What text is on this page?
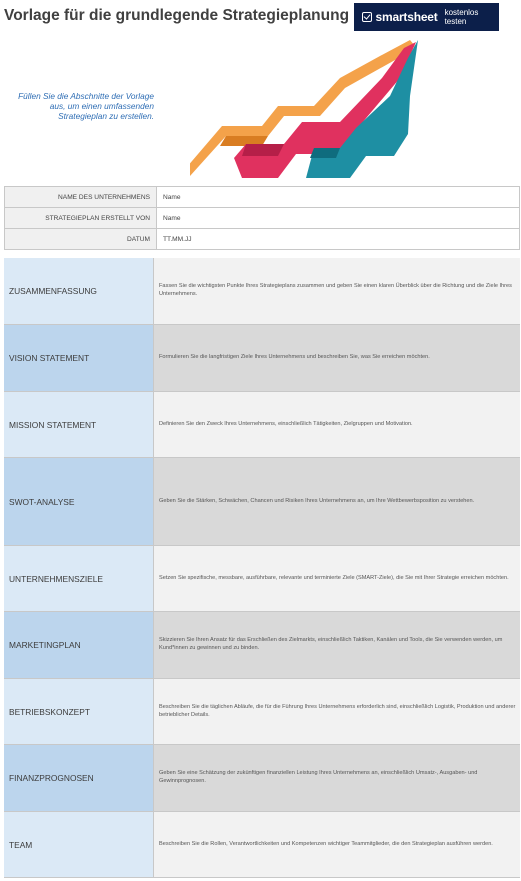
Vorlage für die grundlegende Strategieplanung smartsheet kostenlos testen
Füllen Sie die Abschnitte der Vorlage aus, um einen umfassenden Strategieplan zu erstellen.
NAME DES UNTERNEHMENS	Name
STRATEGIEPLAN ERSTELLT VON	Name
DATUM	TT.MM.JJ
ZUSAMMENFASSUNG	Fassen Sie die wichtigsten Punkte Ihres Strategieplans zusammen und geben Sie einen klaren Überblick über die Richtung und die Ziele Ihres Unternehmens.
VISION STATEMENT	Formulieren Sie die langfristigen Ziele Ihres Unternehmens und beschreiben Sie, was Sie erreichen möchten.
MISSION STATEMENT	Definieren Sie den Zweck Ihres Unternehmens, einschließlich Tätigkeiten, Zielgruppen und Motivation.
SWOT-ANALYSE	Geben Sie die Stärken, Schwächen, Chancen und Risiken Ihres Unternehmens an, um Ihre Wettbewerbsposition zu verstehen.
UNTERNEHMENSZIELE	Setzen Sie spezifische, messbare, ausführbare, relevante und terminierte Ziele (SMART-Ziele), die Sie mit Ihrer Strategie erreichen möchten.
MARKETINGPLAN	Skizzieren Sie Ihren Ansatz für das Erschließen des Zielmarkts, einschließlich Taktiken, Kanälen und Tools, die Sie verwenden werden, um Kund*innen zu gewinnen und zu binden.
BETRIEBSKONZEPT	Beschreiben Sie die täglichen Abläufe, die für die Führung Ihres Unternehmens erforderlich sind, einschließlich Logistik, Produktion und anderer betrieblicher Details.
FINANZPROGNOSEN	Geben Sie eine Schätzung der zukünftigen finanziellen Leistung Ihres Unternehmens an, einschließlich Umsatz-, Ausgaben- und Gewinnprognosen.
TEAM	Beschreiben Sie die Rollen, Verantwortlichkeiten und Kompetenzen wichtiger Teammitglieder, die den Strategieplan ausführen werden.
